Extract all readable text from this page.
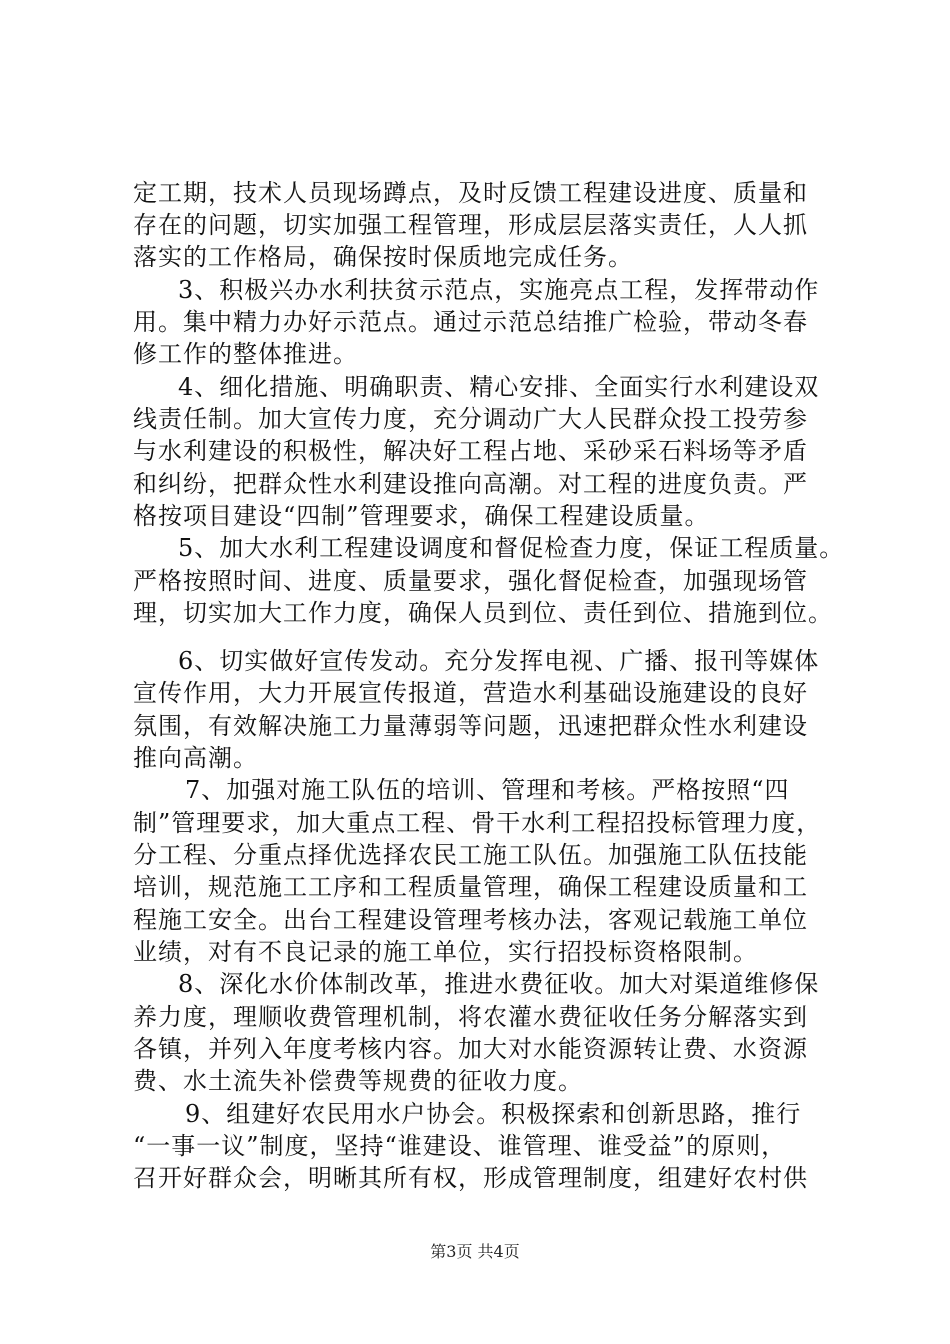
定工期，技术人员现场蹲点，及时反馈工程建设进度、质量和
存在的问题，切实加强工程管理，形成层层落实责任，人人抓
落实的工作格局，确保按时保质地完成任务。
3、积极兴办水利扶贫示范点，实施亮点工程，发挥带动作
用。集中精力办好示范点。通过示范总结推广检验，带动冬春
修工作的整体推进。
4、细化措施、明确职责、精心安排、全面实行水利建设双
线责任制。加大宣传力度，充分调动广大人民群众投工投劳参
与水利建设的积极性，解决好工程占地、采砂采石料场等矛盾
和纠纷，把群众性水利建设推向高潮。对工程的进度负责。严
格按项目建设“四制”管理要求，确保工程建设质量。
5、加大水利工程建设调度和督促检查力度，保证工程质量。
严格按照时间、进度、质量要求，强化督促检查，加强现场管
理，切实加大工作力度，确保人员到位、责任到位、措施到位。
6、切实做好宣传发动。充分发挥电视、广播、报刊等媒体
宣传作用，大力开展宣传报道，营造水利基础设施建设的良好
氛围，有效解决施工力量薄弱等问题，迅速把群众性水利建设
推向高潮。
7、加强对施工队伍的培训、管理和考核。严格按照“四
制”管理要求，加大重点工程、骨干水利工程招投标管理力度，
分工程、分重点择优选择农民工施工队伍。加强施工队伍技能
培训，规范施工工序和工程质量管理，确保工程建设质量和工
程施工安全。出台工程建设管理考核办法，客观记载施工单位
业绩，对有不良记录的施工单位，实行招投标资格限制。
8、深化水价体制改革，推进水费征收。加大对渠道维修保
养力度，理顺收费管理机制，将农灌水费征收任务分解落实到
各镇，并列入年度考核内容。加大对水能资源转让费、水资源
费、水土流失补偿费等规费的征收力度。
9、组建好农民用水户协会。积极探索和创新思路，推行
“一事一议”制度，坚持“谁建设、谁管理、谁受益”的原则，
召开好群众会，明晰其所有权，形成管理制度，组建好农村供
第3页 共4页
